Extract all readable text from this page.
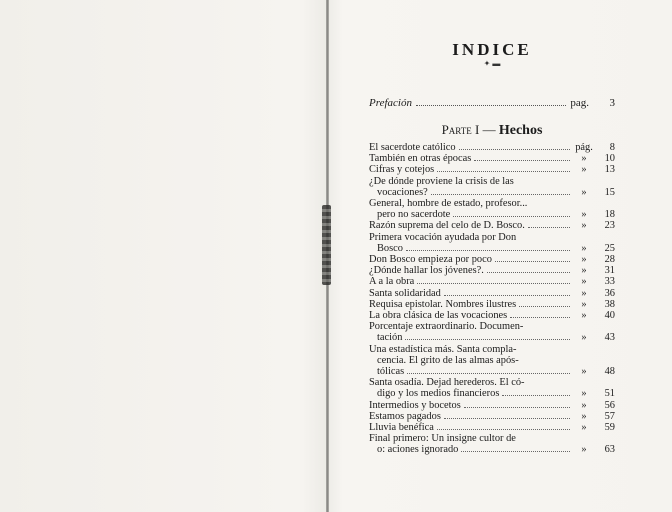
INDICE
✦ ▬
Prefación	pag.	3
Parte I — Hechos
El sacerdote católico	pág.	8
También en otras épocas	»	10
Cifras y cotejos	»	13
¿De dónde proviene la crisis de las
vocaciones?	»	15
General, hombre de estado, profesor...
pero no sacerdote	»	18
Razón suprema del celo de D. Bosco.	»	23
Primera vocación ayudada por Don
Bosco	»	25
Don Bosco empieza por poco	»	28
¿Dónde hallar los jóvenes?.	»	31
A a la obra	»	33
Santa solidaridad	»	36
Requisa epistolar. Nombres ilustres	»	38
La obra clásica de las vocaciones	»	40
Porcentaje extraordinario. Documen-
tación	»	43
Una estadística más. Santa compla-
cencia. El grito de las almas após-
tólicas	»	48
Santa osadía. Dejad herederos. El có-
digo y los medios financieros	»	51
Intermedios y bocetos	»	56
Estamos pagados	»	57
Lluvia benéfica	»	59
Final primero: Un insigne cultor de
o: aciones ignorado	»	63
